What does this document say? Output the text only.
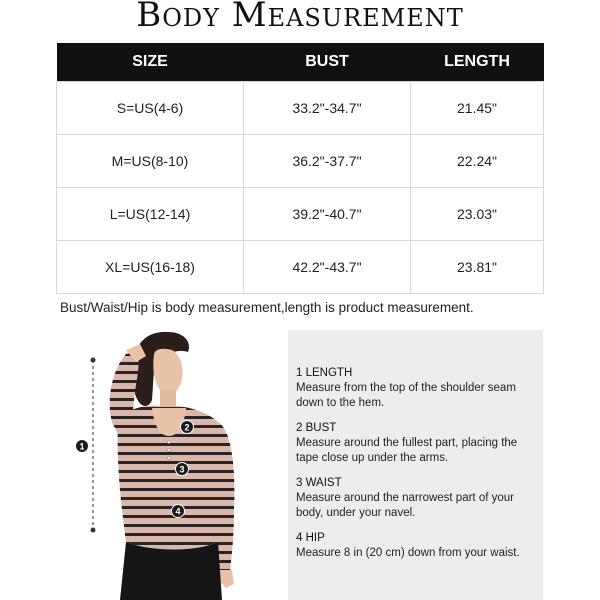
Body Measurement
SIZE	BUST	LENGTH
S=US(4-6)	33.2"-34.7"	21.45"
M=US(8-10)	36.2"-37.7"	22.24"
L=US(12-14)	39.2"-40.7"	23.03"
XL=US(16-18)	42.2"-43.7"	23.81"
Bust/Waist/Hip is body measurement,length is product measurement.
1
2
3
4
1 LENGTH
Measure from the top of the shoulder seam down to the hem.
2 BUST
Measure around the fullest part, placing the tape close up under the arms.
3 WAIST
Measure around the narrowest part of your body, under your navel.
4 HIP
Measure 8 in (20 cm) down from your waist.
